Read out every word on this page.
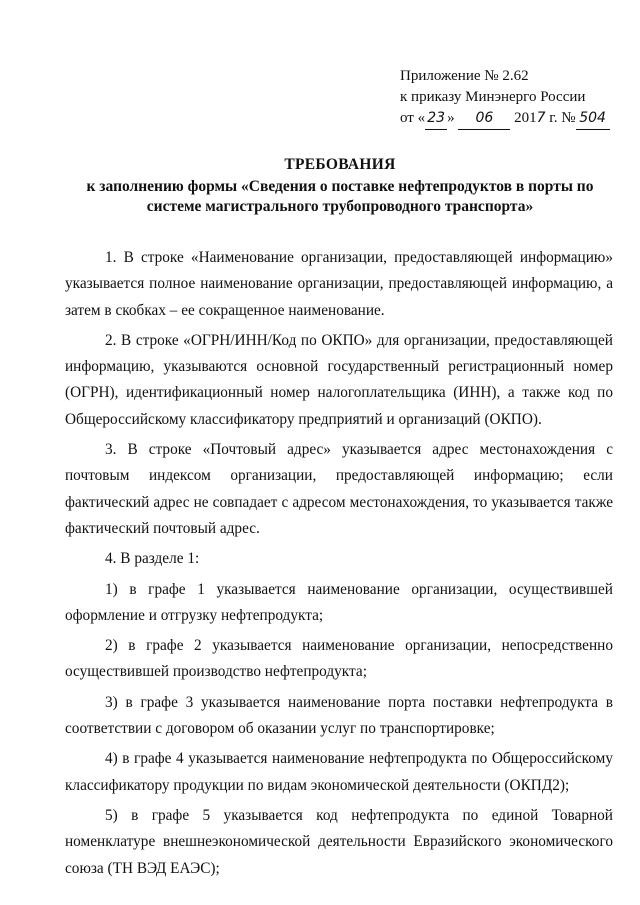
Приложение № 2.62
к приказу Минэнерго России
от « 23 » 06 2017 г. № 504
ТРЕБОВАНИЯ
к заполнению формы «Сведения о поставке нефтепродуктов в порты по
системе магистрального трубопроводного транспорта»

1. В строке «Наименование организации, предоставляющей информацию» указывается полное наименование организации, предоставляющей информацию, а затем в скобках – ее сокращенное наименование.

2. В строке «ОГРН/ИНН/Код по ОКПО» для организации, предоставляющей информацию, указываются основной государственный регистрационный номер (ОГРН), идентификационный номер налогоплательщика (ИНН), а также код по Общероссийскому классификатору предприятий и организаций (ОКПО).

3. В строке «Почтовый адрес» указывается адрес местонахождения с почтовым индексом организации, предоставляющей информацию; если фактический адрес не совпадает с адресом местонахождения, то указывается также фактический почтовый адрес.

4. В разделе 1:

1) в графе 1 указывается наименование организации, осуществившей оформление и отгрузку нефтепродукта;

2) в графе 2 указывается наименование организации, непосредственно осуществившей производство нефтепродукта;

3) в графе 3 указывается наименование порта поставки нефтепродукта в соответствии с договором об оказании услуг по транспортировке;

4) в графе 4 указывается наименование нефтепродукта по Общероссийскому классификатору продукции по видам экономической деятельности (ОКПД2);

5) в графе 5 указывается код нефтепродукта по единой Товарной номенклатуре внешнеэкономической деятельности Евразийского экономического союза (ТН ВЭД ЕАЭС);
